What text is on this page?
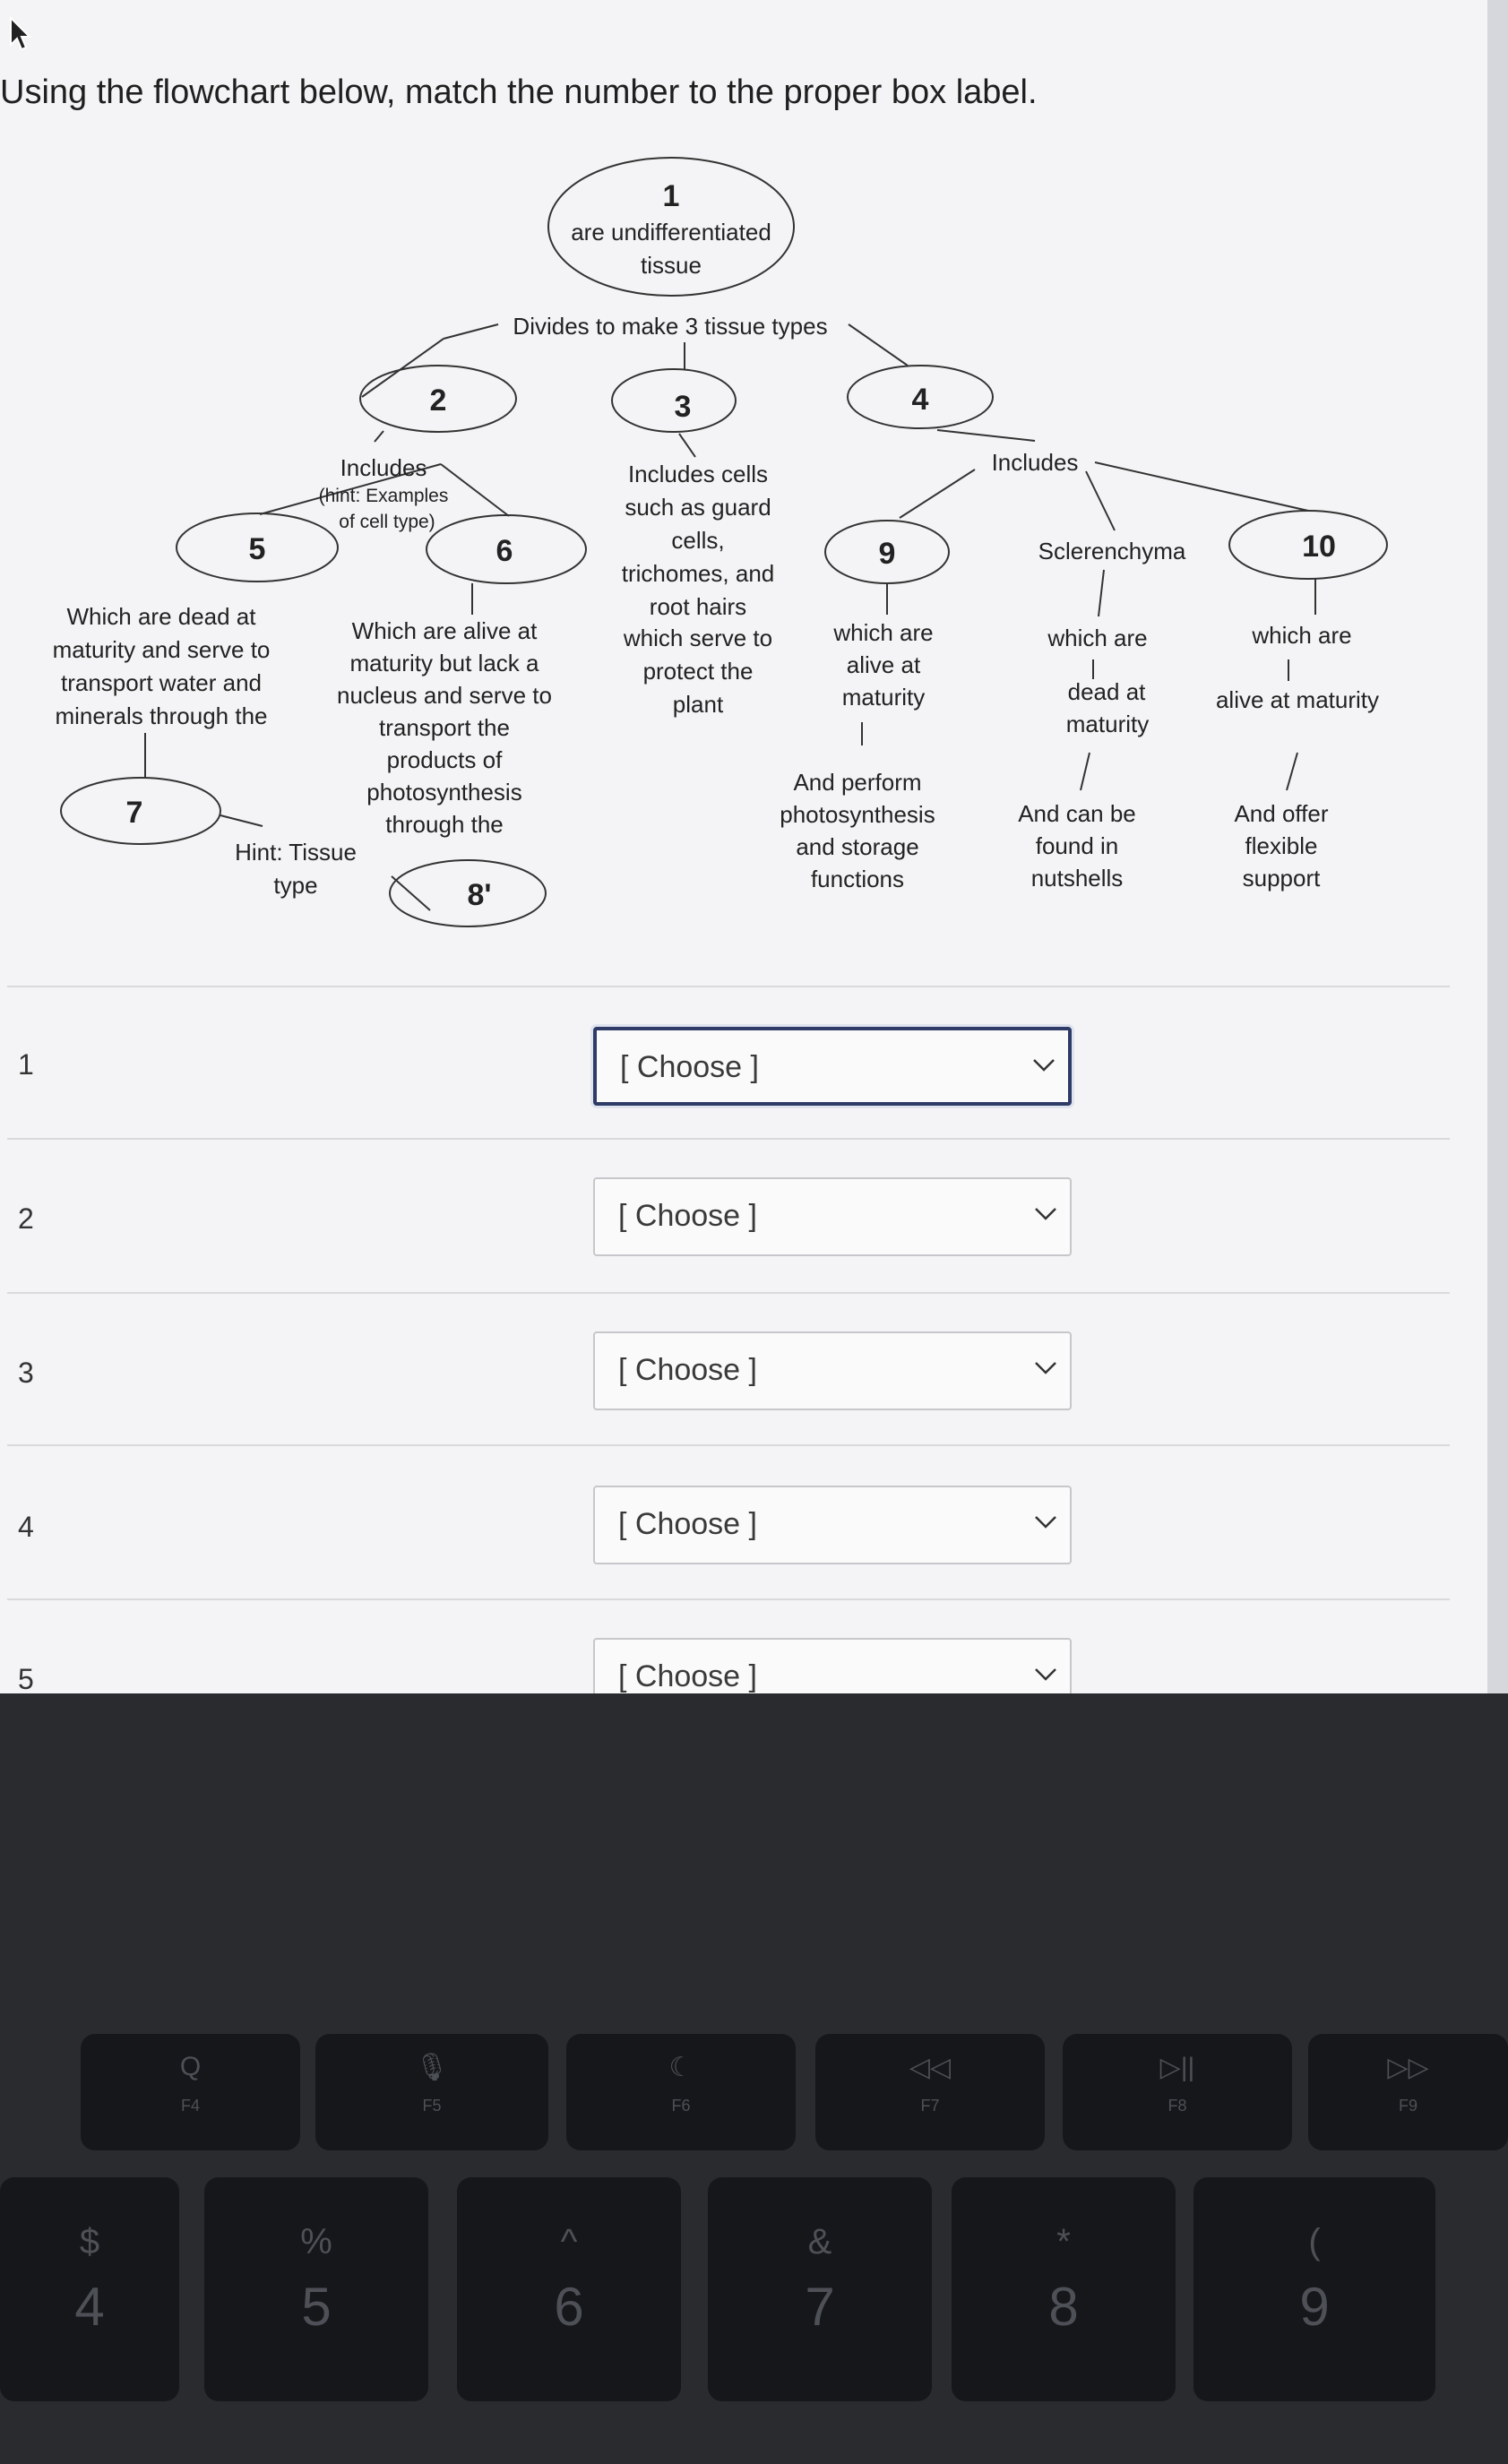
Using the flowchart below, match the number to the proper box label.
1
are undifferentiated
tissue
Divides to make 3 tissue types
2	3	4
5	6	9	10
7
8'
Includes
(hint: Examples
of cell type)
Includes
Sclerenchyma
Which are dead at
maturity and serve to
transport water and
minerals through the
Which are alive at
maturity but lack a
nucleus and serve to
transport the
products of
photosynthesis
through the
Hint: Tissue
type
Includes cells
such as guard
cells,
trichomes, and
root hairs
which serve to
protect the
plant
which are
alive at
maturity
And perform
photosynthesis
and storage
functions
which are
dead at
maturity
And can be
found in
nutshells
which are
alive at maturity
And offer
flexible
support
1	[ Choose ]
2	[ Choose ]
3	[ Choose ]
4	[ Choose ]
5	[ Choose ]
Q
F4
🎙
F5
☾
F6
◁◁
F7
▷||
F8
▷▷
F9
$
4
%
5
^
6
&
7
*
8
(
9
